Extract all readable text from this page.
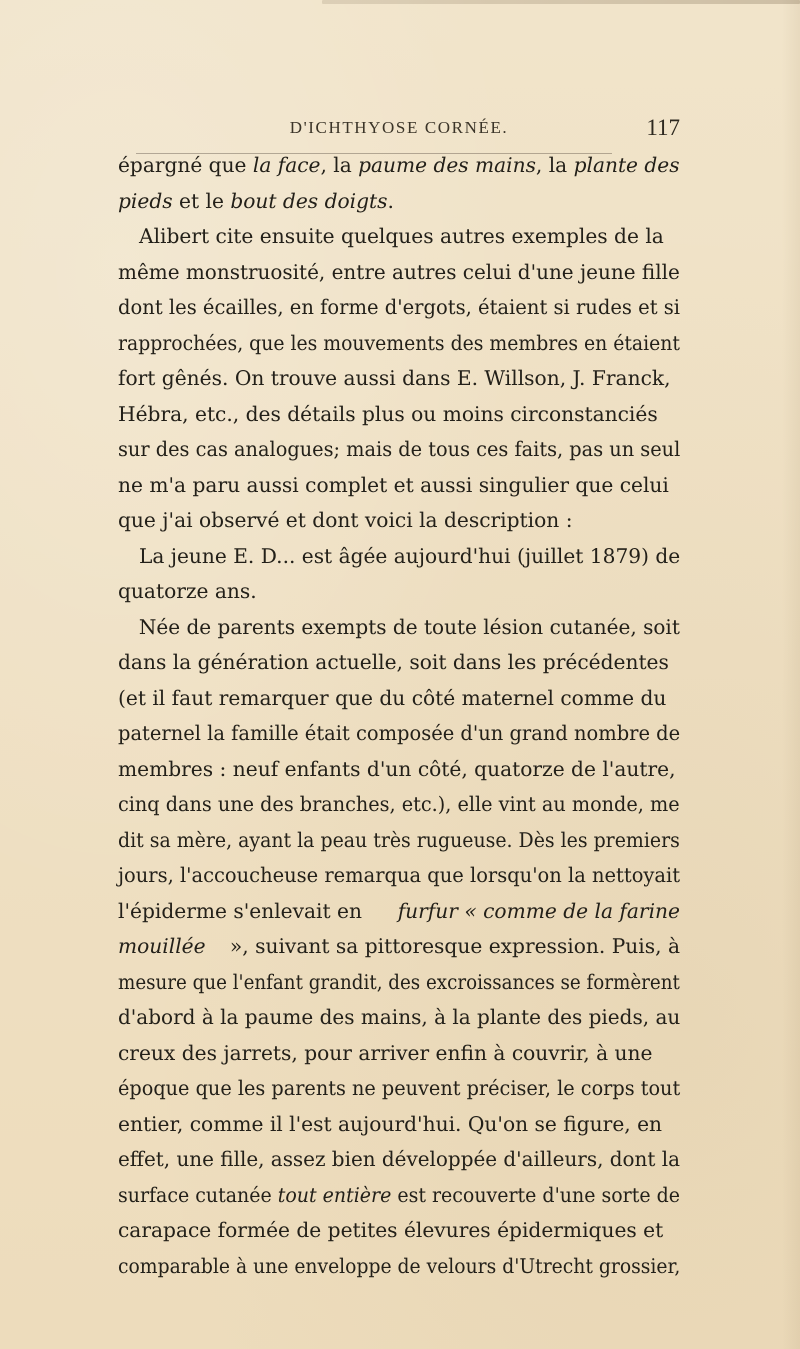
D'ICHTHYOSE CORNÉE.	117
épargné que la face , la paume des mains , la plante des
pieds et le bout des doigts.
Alibert cite ensuite quelques autres exemples de la
même monstruosité, entre autres celui d'une jeune fille
dont les écailles, en forme d'ergots, étaient si rudes et si
rapprochées, que les mouvements des membres en étaient
fort gênés. On trouve aussi dans E. Willson, J. Franck,
Hébra, etc., des détails plus ou moins circonstanciés
sur des cas analogues; mais de tous ces faits, pas un seul
ne m'a paru aussi complet et aussi singulier que celui
que j'ai observé et dont voici la description :
La jeune E. D... est âgée aujourd'hui (juillet 1879) de
quatorze ans.
Née de parents exempts de toute lésion cutanée, soit
dans la génération actuelle, soit dans les précédentes
(et il faut remarquer que du côté maternel comme du
paternel la famille était composée d'un grand nombre de
membres : neuf enfants d'un côté, quatorze de l'autre,
cinq dans une des branches, etc.), elle vint au monde, me
dit sa mère, ayant la peau très rugueuse. Dès les premiers
jours, l'accoucheuse remarqua que lorsqu'on la nettoyait
l'épiderme s'enlevait en furfur « comme de la farine
mouillée », suivant sa pittoresque expression. Puis, à
mesure que l'enfant grandit, des excroissances se formèrent
d'abord à la paume des mains, à la plante des pieds, au
creux des jarrets, pour arriver enfin à couvrir, à une
époque que les parents ne peuvent préciser, le corps tout
entier, comme il l'est aujourd'hui. Qu'on se figure, en
effet, une fille, assez bien développée d'ailleurs, dont la
surface cutanée tout entière est recouverte d'une sorte de
carapace formée de petites élevures épidermiques et
comparable à une enveloppe de velours d'Utrecht grossier,
